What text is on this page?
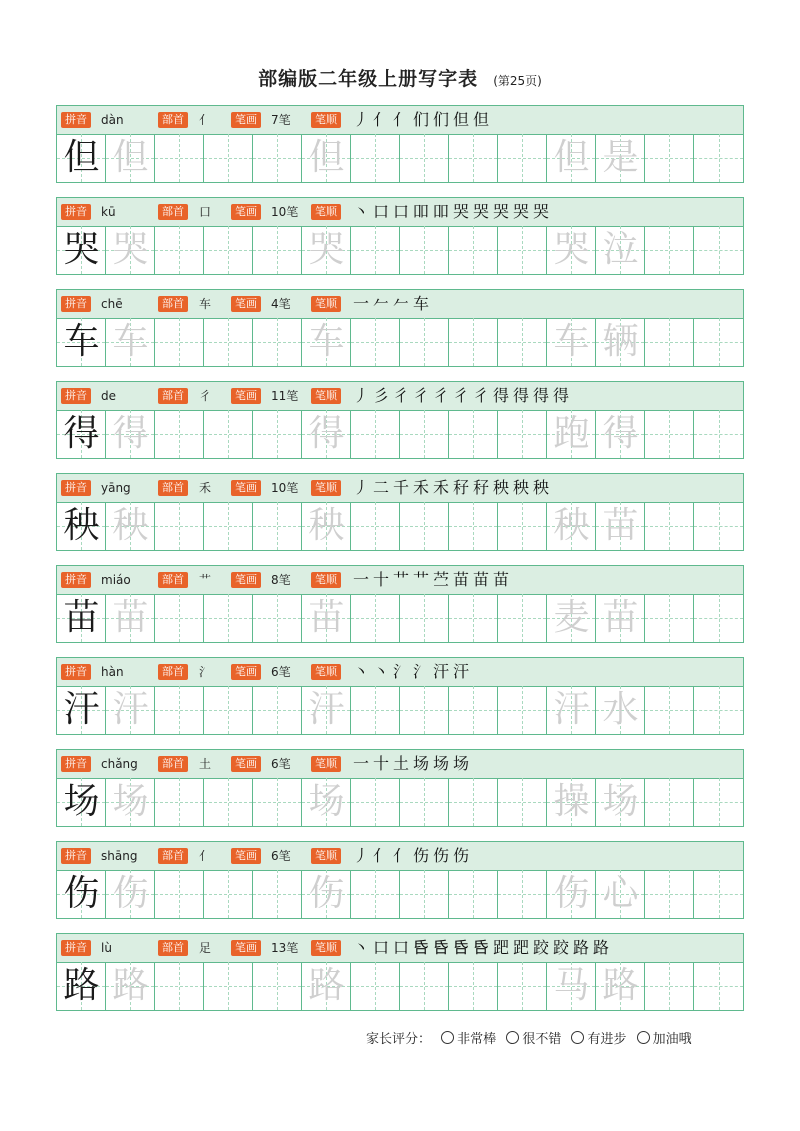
部编版二年级上册写字表 (第25页)
拼音	dàn	部首	亻	笔画	7笔	笔顺 丿亻亻们们但但
但 但	但	但 是
拼音	kū	部首	口	笔画	10笔	笔顺 丶口口吅吅哭哭哭哭哭
哭 哭	哭	哭 泣
拼音	chē	部首	车	笔画	4笔	笔顺 一𠂉𠂉车
车 车	车	车 辆
拼音	de	部首	彳	笔画	11笔	笔顺 丿彡彳彳彳彳彳得得得得
得 得	得	跑 得
拼音	yāng	部首	禾	笔画	10笔	笔顺 丿二千禾禾秄秄秧秧秧
秧 秧	秧	秧 苗
拼音	miáo	部首	艹	笔画	8笔	笔顺 一十艹艹苎苗苗苗
苗 苗	苗	麦 苗
拼音	hàn	部首	氵	笔画	6笔	笔顺 丶丶氵氵汗汗
汗 汗	汗	汗 水
拼音	chǎng	部首	土	笔画	6笔	笔顺 一十土场场场
场 场	场	操 场
拼音	shāng	部首	亻	笔画	6笔	笔顺 丿亻亻伤伤伤
伤 伤	伤	伤 心
拼音	lù	部首	足	笔画	13笔	笔顺 丶口口𠯑𠯑𠯑𠯑跁跁跤跤路路
路 路	路	马 路
家长评分： 非常棒 很不错 有进步 加油哦
